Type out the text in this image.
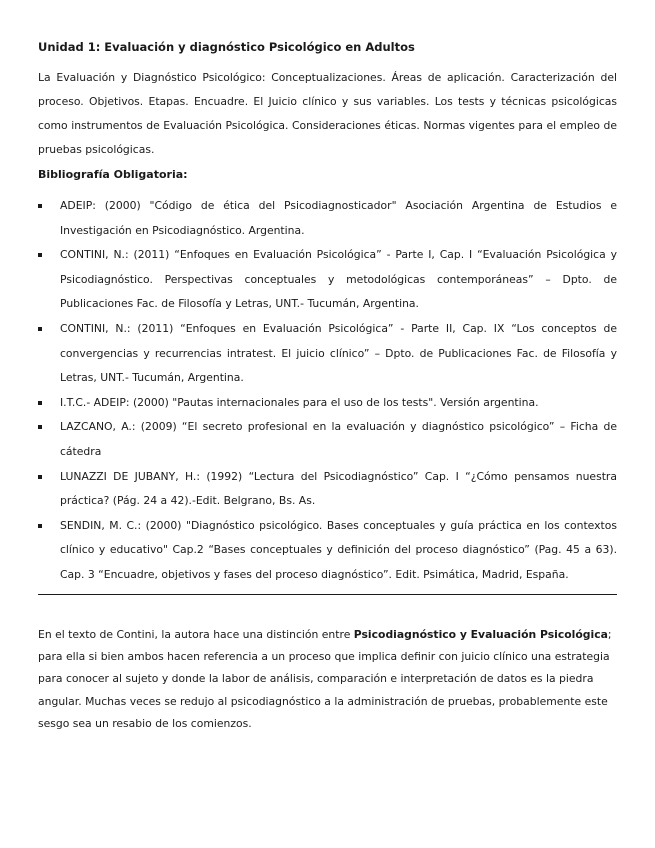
Unidad 1: Evaluación y diagnóstico Psicológico en Adultos

La Evaluación y Diagnóstico Psicológico: Conceptualizaciones. Áreas de aplicación. Caracterización del proceso. Objetivos. Etapas. Encuadre. El Juicio clínico y sus variables. Los tests y técnicas psicológicas como instrumentos de Evaluación Psicológica. Consideraciones éticas. Normas vigentes para el empleo de pruebas psicológicas.

Bibliografía Obligatoria:
ADEIP: (2000) "Código de ética del Psicodiagnosticador" Asociación Argentina de Estudios e Investigación en Psicodiagnóstico. Argentina.
CONTINI, N.: (2011) “Enfoques en Evaluación Psicológica” - Parte I, Cap. I “Evaluación Psicológica y Psicodiagnóstico. Perspectivas conceptuales y metodológicas contemporáneas” – Dpto. de Publicaciones Fac. de Filosofía y Letras, UNT.- Tucumán, Argentina.
CONTINI, N.: (2011) “Enfoques en Evaluación Psicológica” - Parte II, Cap. IX “Los conceptos de convergencias y recurrencias intratest. El juicio clínico” – Dpto. de Publicaciones Fac. de Filosofía y Letras, UNT.- Tucumán, Argentina.
I.T.C.- ADEIP: (2000) "Pautas internacionales para el uso de los tests". Versión argentina.
LAZCANO, A.: (2009) “El secreto profesional en la evaluación y diagnóstico psicológico” – Ficha de cátedra
LUNAZZI DE JUBANY, H.: (1992) “Lectura del Psicodiagnóstico” Cap. I “¿Cómo pensamos nuestra práctica? (Pág. 24 a 42).-Edit. Belgrano, Bs. As.
SENDIN, M. C.: (2000) "Diagnóstico psicológico. Bases conceptuales y guía práctica en los contextos clínico y educativo" Cap.2 “Bases conceptuales y definición del proceso diagnóstico” (Pag. 45 a 63). Cap. 3 “Encuadre, objetivos y fases del proceso diagnóstico”. Edit. Psimática, Madrid, España.

En el texto de Contini, la autora hace una distinción entre Psicodiagnóstico y Evaluación Psicológica; para ella si bien ambos hacen referencia a un proceso que implica definir con juicio clínico una estrategia para conocer al sujeto y donde la labor de análisis, comparación e interpretación de datos es la piedra angular. Muchas veces se redujo al psicodiagnóstico a la administración de pruebas, probablemente este sesgo sea un resabio de los comienzos.
